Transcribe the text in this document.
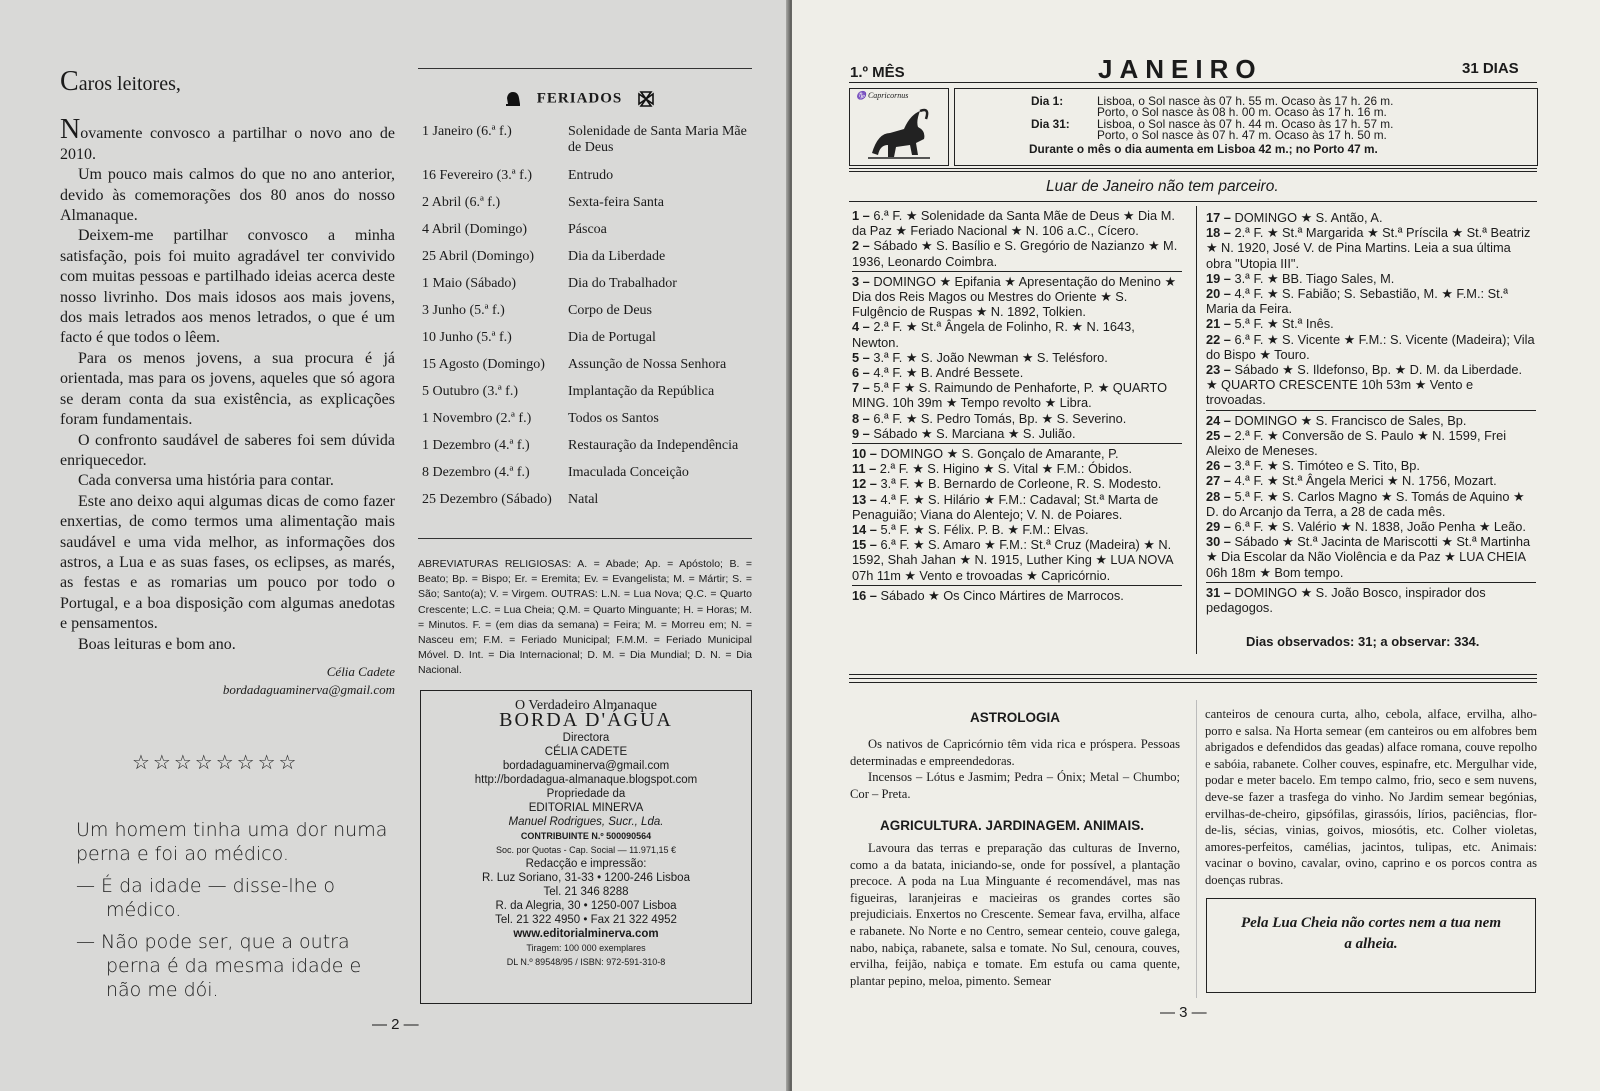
Caros leitores,

Novamente convosco a partilhar o novo ano de 2010.

Um pouco mais calmos do que no ano anterior, devido às comemorações dos 80 anos do nosso Almanaque.

Deixem-me partilhar convosco a minha satisfação, pois foi muito agradável ter convivido com muitas pessoas e partilhado ideias acerca deste nosso livrinho. Dos mais idosos aos mais jovens, dos mais letrados aos menos letrados, o que é um facto é que todos o lêem.

Para os menos jovens, a sua procura é já orientada, mas para os jovens, aqueles que só agora se deram conta da sua existência, as explicações foram fundamentais.

O confronto saudável de saberes foi sem dúvida enriquecedor.

Cada conversa uma história para contar.

Este ano deixo aqui algumas dicas de como fazer enxertias, de como termos uma alimentação mais saudável e uma vida melhor, as informações dos astros, a Lua e as suas fases, os eclipses, as marés, as festas e as romarias um pouco por todo o Portugal, e a boa disposição com algumas anedotas e pensamentos.

Boas leituras e bom ano.

Célia Cadete
bordadaguaminerva@gmail.com
☆☆☆☆☆☆☆☆
Um homem tinha uma dor numa perna e foi ao médico.
— É da idade — disse-lhe o médico.
— Não pode ser, que a outra perna é da mesma idade e não me dói.
FERIADOS
1 Janeiro (6.ª f.)	Solenidade de Santa Maria Mãe de Deus
16 Fevereiro (3.ª f.)	Entrudo
2 Abril (6.ª f.)	Sexta-feira Santa
4 Abril (Domingo)	Páscoa
25 Abril (Domingo)	Dia da Liberdade
1 Maio (Sábado)	Dia do Trabalhador
3 Junho (5.ª f.)	Corpo de Deus
10 Junho (5.ª f.)	Dia de Portugal
15 Agosto (Domingo)	Assunção de Nossa Senhora
5 Outubro (3.ª f.)	Implantação da República
1 Novembro (2.ª f.)	Todos os Santos
1 Dezembro (4.ª f.)	Restauração da Independência
8 Dezembro (4.ª f.)	Imaculada Conceição
25 Dezembro (Sábado)	Natal
ABREVIATURAS RELIGIOSAS: A. = Abade; Ap. = Apóstolo; B. = Beato; Bp. = Bispo; Er. = Eremita; Ev. = Evangelista; M. = Mártir; S. = São; Santo(a); V. = Virgem. OUTRAS: L.N. = Lua Nova; Q.C. = Quarto Crescente; L.C. = Lua Cheia; Q.M. = Quarto Minguante; H. = Horas; M. = Minutos. F. = (em dias da semana) = Feira; M. = Morreu em; N. = Nasceu em; F.M. = Feriado Municipal; F.M.M. = Feriado Municipal Móvel. D. Int. = Dia Internacional; D. M. = Dia Mundial; D. N. = Dia Nacional.
O Verdadeiro Almanaque
BORDA D'ÁGUA
Directora
CÉLIA CADETE
bordadaguaminerva@gmail.com
http://bordadagua-almanaque.blogspot.com
Propriedade da
EDITORIAL MINERVA
Manuel Rodrigues, Sucr., Lda.
CONTRIBUINTE N.º 500090564
Soc. por Quotas - Cap. Social — 11.971,15 €
Redacção e impressão:
R. Luz Soriano, 31-33 • 1200-246 Lisboa
Tel. 21 346 8288
R. da Alegria, 30 • 1250-007 Lisboa
Tel. 21 322 4950 • Fax 21 322 4952
www.editorialminerva.com
Tiragem: 100 000 exemplares
DL N.º 89548/95 / ISBN: 972-591-310-8
— 2 —
1.º MÊS	JANEIRO	31 DIAS
♑ Capricornus	Dia 1:	Lisboa, o Sol nasce às 07 h. 55 m. Ocaso às 17 h. 26 m.
Porto, o Sol nasce às 08 h. 00 m. Ocaso às 17 h. 16 m.
Dia 31: Lisboa, o Sol nasce às 07 h. 44 m. Ocaso às 17 h. 57 m.
Porto, o Sol nasce às 07 h. 47 m. Ocaso às 17 h. 50 m.
Durante o mês o dia aumenta em Lisboa 42 m.; no Porto 47 m.
Luar de Janeiro não tem parceiro.
1 – 6.ª F. ★ Solenidade da Santa Mãe de Deus ★ Dia M. da Paz ★ Feriado Nacional ★ N. 106 a.C., Cícero.
2 – Sábado ★ S. Basílio e S. Gregório de Nazianzo ★ M. 1936, Leonardo Coimbra.
3 – DOMINGO ★ Epifania ★ Apresentação do Menino ★ Dia dos Reis Magos ou Mestres do Oriente ★ S. Fulgêncio de Ruspas ★ N. 1892, Tolkien.
4 – 2.ª F. ★ St.ª Ângela de Folinho, R. ★ N. 1643, Newton.
5 – 3.ª F. ★ S. João Newman ★ S. Telésforo.
6 – 4.ª F. ★ B. André Bessete.
7 – 5.ª F ★ S. Raimundo de Penhaforte, P. ★ QUARTO MING. 10h 39m ★ Tempo revolto ★ Libra.
8 – 6.ª F. ★ S. Pedro Tomás, Bp. ★ S. Severino.
9 – Sábado ★ S. Marciana ★ S. Julião.
10 – DOMINGO ★ S. Gonçalo de Amarante, P.
11 – 2.ª F. ★ S. Higino ★ S. Vital ★ F.M.: Óbidos.
12 – 3.ª F. ★ B. Bernardo de Corleone, R. S. Modesto.
13 – 4.ª F. ★ S. Hilário ★ F.M.: Cadaval; St.ª Marta de Penaguião; Viana do Alentejo; V. N. de Poiares.
14 – 5.ª F. ★ S. Félix. P. B. ★ F.M.: Elvas.
15 – 6.ª F. ★ S. Amaro ★ F.M.: St.ª Cruz (Madeira) ★ N. 1592, Shah Jahan ★ N. 1915, Luther King ★ LUA NOVA 07h 11m ★ Vento e trovoadas ★ Capricórnio.
16 – Sábado ★ Os Cinco Mártires de Marrocos.
17 – DOMINGO ★ S. Antão, A.
18 – 2.ª F. ★ St.ª Margarida ★ St.ª Príscila ★ St.ª Beatriz ★ N. 1920, José V. de Pina Martins. Leia a sua última obra "Utopia III".
19 – 3.ª F. ★ BB. Tiago Sales, M.
20 – 4.ª F. ★ S. Fabião; S. Sebastião, M. ★ F.M.: St.ª Maria da Feira.
21 – 5.ª F. ★ St.ª Inês.
22 – 6.ª F. ★ S. Vicente ★ F.M.: S. Vicente (Madeira); Vila do Bispo ★ Touro.
23 – Sábado ★ S. Ildefonso, Bp. ★ D. M. da Liberdade. ★ QUARTO CRESCENTE 10h 53m ★ Vento e trovoadas.
24 – DOMINGO ★ S. Francisco de Sales, Bp.
25 – 2.ª F. ★ Conversão de S. Paulo ★ N. 1599, Frei Aleixo de Meneses.
26 – 3.ª F. ★ S. Timóteo e S. Tito, Bp.
27 – 4.ª F. ★ St.ª Ângela Merici ★ N. 1756, Mozart.
28 – 5.ª F. ★ S. Carlos Magno ★ S. Tomás de Aquino ★ D. do Arcanjo da Terra, a 28 de cada mês.
29 – 6.ª F. ★ S. Valério ★ N. 1838, João Penha ★ Leão.
30 – Sábado ★ St.ª Jacinta de Mariscotti ★ St.ª Martinha ★ Dia Escolar da Não Violência e da Paz ★ LUA CHEIA 06h 18m ★ Bom tempo.
31 – DOMINGO ★ S. João Bosco, inspirador dos pedagogos.
Dias observados: 31; a observar: 334.
ASTROLOGIA
Os nativos de Capricórnio têm vida rica e próspera. Pessoas determinadas e empreendedoras.
Incensos – Lótus e Jasmim; Pedra – Ónix; Metal – Chumbo; Cor – Preta.
AGRICULTURA. JARDINAGEM. ANIMAIS.
Lavoura das terras e preparação das culturas de Inverno, como a da batata, iniciando-se, onde for possível, a plantação precoce. A poda na Lua Minguante é recomendável, mas nas figueiras, laranjeiras e macieiras os grandes cortes são prejudiciais. Enxertos no Crescente. Semear fava, ervilha, alface e rabanete. No Norte e no Centro, semear centeio, couve galega, nabo, nabiça, rabanete, salsa e tomate. No Sul, cenoura, couves, ervilha, feijão, nabiça e tomate. Em estufa ou cama quente, plantar pepino, meloa, pimento. Semear
canteiros de cenoura curta, alho, cebola, alface, ervilha, alho-porro e salsa. Na Horta semear (em canteiros ou em alfobres bem abrigados e defendidos das geadas) alface romana, couve repolho e sabóia, rabanete. Colher couves, espinafre, etc. Mergulhar vide, podar e meter bacelo. Em tempo calmo, frio, seco e sem nuvens, deve-se fazer a trasfega do vinho. No Jardim semear begónias, ervilhas-de-cheiro, gipsófilas, girassóis, lírios, paciências, flor-de-lis, sécias, vinias, goivos, miosótis, etc. Colher violetas, amores-perfeitos, camélias, jacintos, tulipas, etc. Animais: vacinar o bovino, cavalar, ovino, caprino e os porcos contra as doenças rubras.
Pela Lua Cheia não cortes nem a tua nem a alheia.
— 3 —
